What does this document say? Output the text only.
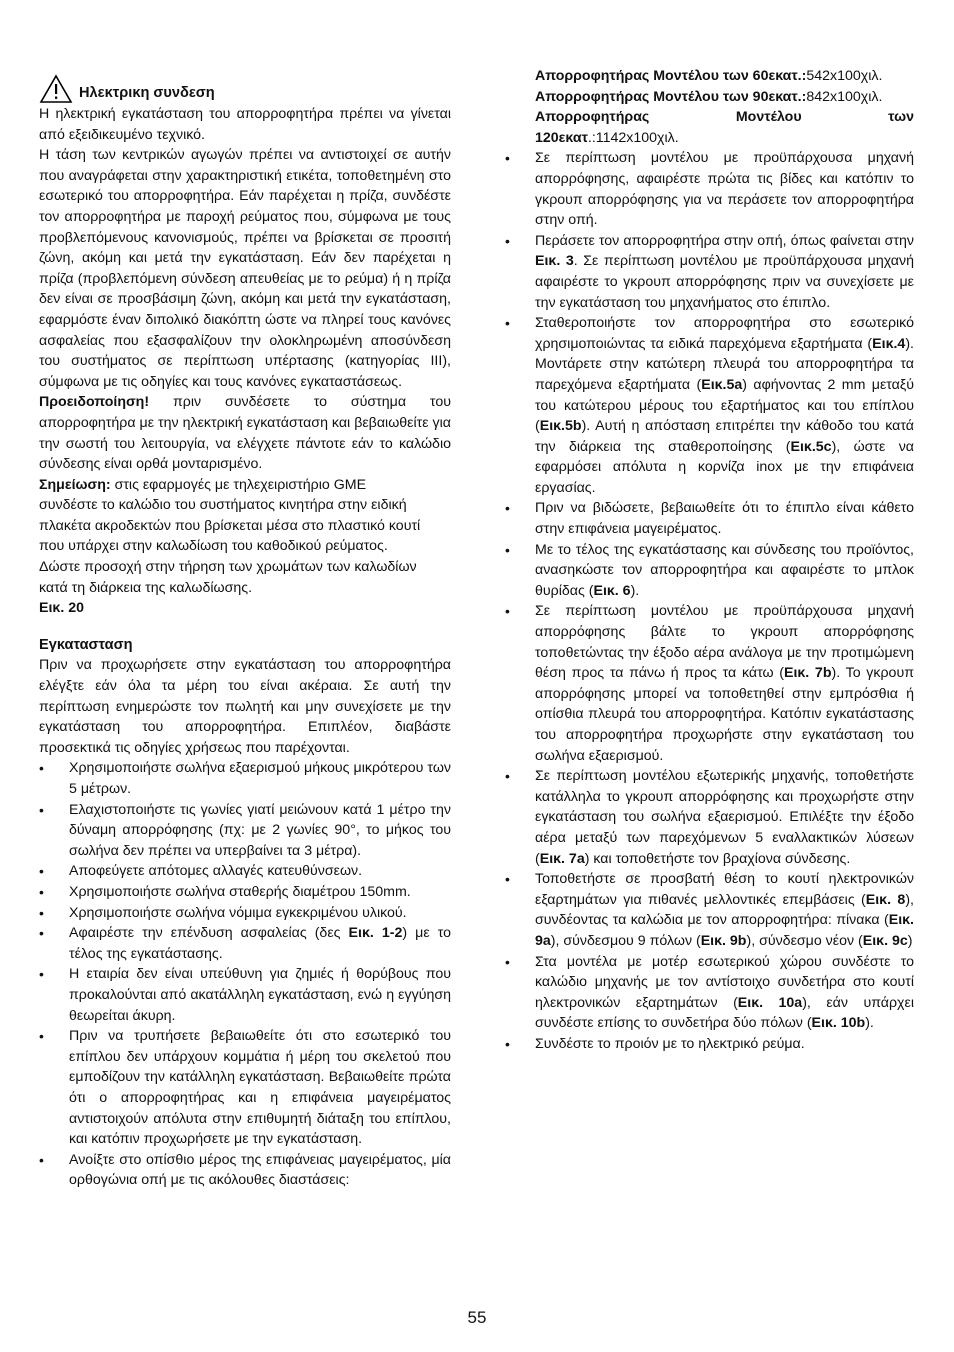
Ηλεκτρικη συνδεση

Η ηλεκτρική εγκατάσταση του απορροφητήρα πρέπει να γίνεται από εξειδικευμένο τεχνικό.

Η τάση των κεντρικών αγωγών πρέπει να αντιστοιχεί σε αυτήν που αναγράφεται στην χαρακτηριστική ετικέτα, τοποθετημένη στο εσωτερικό του απορροφητήρα. Εάν παρέχεται η πρίζα, συνδέστε τον απορροφητήρα με παροχή ρεύματος που, σύμφωνα με τους προβλεπόμενους κανονισμούς, πρέπει να βρίσκεται σε προσιτή ζώνη, ακόμη και μετά την εγκατάσταση. Εάν δεν παρέχεται η πρίζα (προβλεπόμενη σύνδεση απευθείας με το ρεύμα) ή η πρίζα δεν είναι σε προσβάσιμη ζώνη, ακόμη και μετά την εγκατάσταση, εφαρμόστε έναν διπολικό διακόπτη ώστε να πληρεί τους κανόνες ασφαλείας που εξασφαλίζουν την ολοκληρωμένη αποσύνδεση του συστήματος σε περίπτωση υπέρτασης (κατηγορίας ΙΙΙ), σύμφωνα με τις οδηγίες και τους κανόνες εγκαταστάσεως.

Προειδοποίηση! πριν συνδέσετε το σύστημα του απορροφητήρα με την ηλεκτρική εγκατάσταση και βεβαιωθείτε για την σωστή του λειτουργία, να ελέγχετε πάντοτε εάν το καλώδιο σύνδεσης είναι ορθά μονταρισμένο.

Σημείωση: στις εφαρμογές με τηλεχειριστήριο GME

συνδέστε το καλώδιο του συστήματος κινητήρα στην ειδική
πλακέτα ακροδεκτών που βρίσκεται μέσα στο πλαστικό κουτί
που υπάρχει στην καλωδίωση του καθοδικού ρεύματος.
Δώστε προσοχή στην τήρηση των χρωμάτων των καλωδίων
κατά τη διάρκεια της καλωδίωσης.
Εικ. 20
Εγκατασταση

Πριν να προχωρήσετε στην εγκατάσταση του απορροφητήρα ελέγξτε εάν όλα τα μέρη του είναι ακέραια. Σε αυτή την περίπτωση ενημερώστε τον πωλητή και μην συνεχίσετε με την εγκατάσταση του απορροφητήρα. Επιπλέον, διαβάστε προσεκτικά τις οδηγίες χρήσεως που παρέχονται.

• Χρησιμοποιήστε σωλήνα εξαερισμού μήκους μικρότερου των 5 μέτρων.
• Ελαχιστοποιήστε τις γωνίες γιατί μειώνουν κατά 1 μέτρο την δύναμη απορρόφησης (πχ: με 2 γωνίες 90°, το μήκος του σωλήνα δεν πρέπει να υπερβαίνει τα 3 μέτρα).
• Αποφεύγετε απότομες αλλαγές κατευθύνσεων.
• Χρησιμοποιήστε σωλήνα σταθερής διαμέτρου 150mm.
• Χρησιμοποιήστε σωλήνα νόμιμα εγκεκριμένου υλικού.
• Αφαιρέστε την επένδυση ασφαλείας (δες Εικ. 1-2) με το τέλος της εγκατάστασης.
• Η εταιρία δεν είναι υπεύθυνη για ζημιές ή θορύβους που προκαλούνται από ακατάλληλη εγκατάσταση, ενώ η εγγύηση θεωρείται άκυρη.
• Πριν να τρυπήσετε βεβαιωθείτε ότι στο εσωτερικό του επίπλου δεν υπάρχουν κομμάτια ή μέρη του σκελετού που εμποδίζουν την κατάλληλη εγκατάσταση. Βεβαιωθείτε πρώτα ότι ο απορροφητήρας και η επιφάνεια μαγειρέματος αντιστοιχούν απόλυτα στην επιθυμητή διάταξη του επίπλου, και κατόπιν προχωρήσετε με την εγκατάσταση.
• Ανοίξτε στο οπίσθιο μέρος της επιφάνειας μαγειρέματος, μία ορθογώνια οπή με τις ακόλουθες διαστάσεις:
Απορροφητήρας Μοντέλου των 60εκατ.:542x100χιλ.
Απορροφητήρας Μοντέλου των 90εκατ.:842x100χιλ.
Απορροφητήρας	Μοντέλου	των
120εκατ.:1142x100χιλ.
• Σε περίπτωση μοντέλου με προϋπάρχουσα μηχανή απορρόφησης, αφαιρέστε πρώτα τις βίδες και κατόπιν το γκρουπ απορρόφησης για να περάσετε τον απορροφητήρα στην οπή.
• Περάσετε τον απορροφητήρα στην οπή, όπως φαίνεται στην Εικ. 3. Σε περίπτωση μοντέλου με προϋπάρχουσα μηχανή αφαιρέστε το γκρουπ απορρόφησης πριν να συνεχίσετε με την εγκατάσταση του μηχανήματος στο έπιπλο.
• Σταθεροποιήστε τον απορροφητήρα στο εσωτερικό χρησιμοποιώντας τα ειδικά παρεχόμενα εξαρτήματα (Εικ.4). Μοντάρετε στην κατώτερη πλευρά του απορροφητήρα τα παρεχόμενα εξαρτήματα (Εικ.5a) αφήνοντας 2 mm μεταξύ του κατώτερου μέρους του εξαρτήματος και του επίπλου (Εικ.5b). Αυτή η απόσταση επιτρέπει την κάθοδο του κατά την διάρκεια της σταθεροποίησης (Εικ.5c), ώστε να εφαρμόσει απόλυτα η κορνίζα inox με την επιφάνεια εργασίας.
• Πριν να βιδώσετε, βεβαιωθείτε ότι το έπιπλο είναι κάθετο στην επιφάνεια μαγειρέματος.
• Με το τέλος της εγκατάστασης και σύνδεσης του προϊόντος, ανασηκώστε τον απορροφητήρα και αφαιρέστε το μπλοκ θυρίδας (Εικ. 6).
• Σε περίπτωση μοντέλου με προϋπάρχουσα μηχανή απορρόφησης βάλτε το γκρουπ απορρόφησης τοποθετώντας την έξοδο αέρα ανάλογα με την προτιμώμενη θέση προς τα πάνω ή προς τα κάτω (Εικ. 7b). Το γκρουπ απορρόφησης μπορεί να τοποθετηθεί στην εμπρόσθια ή οπίσθια πλευρά του απορροφητήρα. Κατόπιν εγκατάστασης του απορροφητήρα προχωρήστε στην εγκατάσταση του σωλήνα εξαερισμού.
• Σε περίπτωση μοντέλου εξωτερικής μηχανής, τοποθετήστε κατάλληλα το γκρουπ απορρόφησης και προχωρήστε στην εγκατάσταση του σωλήνα εξαερισμού. Επιλέξτε την έξοδο αέρα μεταξύ των παρεχόμενων 5 εναλλακτικών λύσεων (Εικ. 7a) και τοποθετήστε τον βραχίονα σύνδεσης.
• Τοποθετήστε σε προσβατή θέση το κουτί ηλεκτρονικών εξαρτημάτων για πιθανές μελλοντικές επεμβάσεις (Εικ. 8), συνδέοντας τα καλώδια με τον απορροφητήρα: πίνακα (Εικ. 9a), σύνδεσμου 9 πόλων (Εικ. 9b), σύνδεσμο νέον (Εικ. 9c)
• Στα μοντέλα με μοτέρ εσωτερικού χώρου συνδέστε το καλώδιο μηχανής με τον αντίστοιχο συνδετήρα στο κουτί ηλεκτρονικών εξαρτημάτων (Εικ. 10a), εάν υπάρχει συνδέστε επίσης το συνδετήρα δύο πόλων (Εικ. 10b).
• Συνδέστε το προιόν με το ηλεκτρικό ρεύμα.
55
